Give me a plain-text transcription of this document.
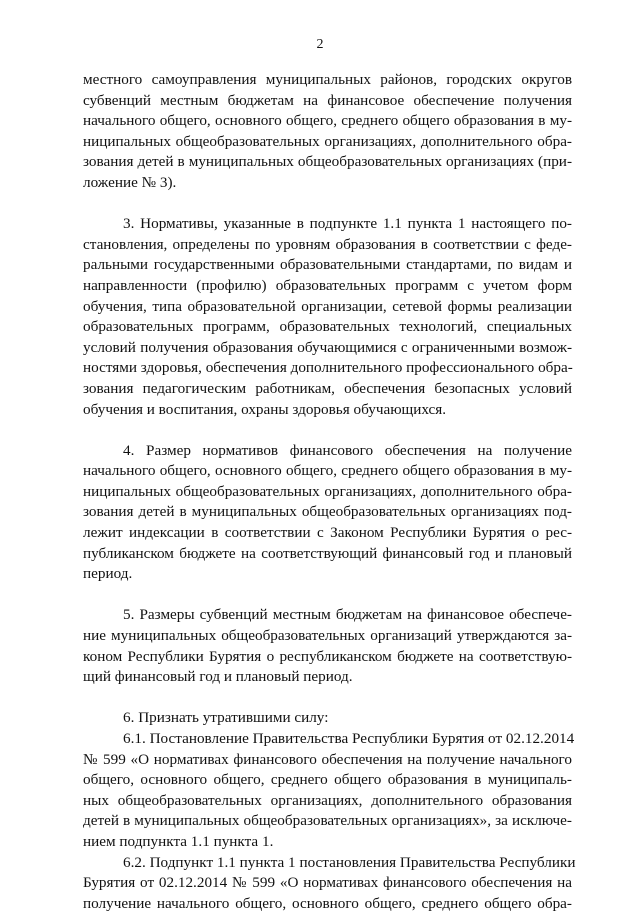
2
местного самоуправления муниципальных районов, городских округов
субвенций местным бюджетам на финансовое обеспечение получения
начального общего, основного общего, среднего общего образования в му-
ниципальных общеобразовательных организациях, дополнительного обра-
зования детей в муниципальных общеобразовательных организациях (при-
ложение № 3).
3. Нормативы, указанные в подпункте 1.1 пункта 1 настоящего по-
становления, определены по уровням образования в соответствии с феде-
ральными государственными образовательными стандартами, по видам и
направленности (профилю) образовательных программ с учетом форм
обучения, типа образовательной организации, сетевой формы реализации
образовательных программ, образовательных технологий, специальных
условий получения образования обучающимися с ограниченными возмож-
ностями здоровья, обеспечения дополнительного профессионального обра-
зования педагогическим работникам, обеспечения безопасных условий
обучения и воспитания, охраны здоровья обучающихся.
4. Размер нормативов финансового обеспечения на получение
начального общего, основного общего, среднего общего образования в му-
ниципальных общеобразовательных организациях, дополнительного обра-
зования детей в муниципальных общеобразовательных организациях под-
лежит индексации в соответствии с Законом Республики Бурятия о рес-
публиканском бюджете на соответствующий финансовый год и плановый
период.
5. Размеры субвенций местным бюджетам на финансовое обеспече-
ние муниципальных общеобразовательных организаций утверждаются за-
коном Республики Бурятия о республиканском бюджете на соответствую-
щий финансовый год и плановый период.
6. Признать утратившими силу:
6.1. Постановление Правительства Республики Бурятия от 02.12.2014
№ 599 «О нормативах финансового обеспечения на получение начального
общего, основного общего, среднего общего образования в муниципаль-
ных общеобразовательных организациях, дополнительного образования
детей в муниципальных общеобразовательных организациях», за исключе-
нием подпункта 1.1 пункта 1.
6.2. Подпункт 1.1 пункта 1 постановления Правительства Республики
Бурятия от 02.12.2014 № 599 «О нормативах финансового обеспечения на
получение начального общего, основного общего, среднего общего обра-
